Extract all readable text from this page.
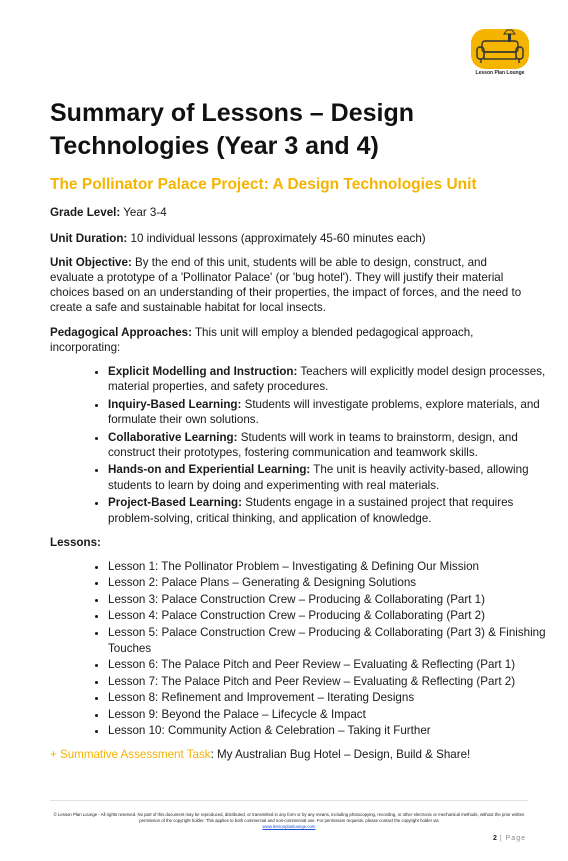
Lesson Plan Lounge
Summary of Lessons – Design Technologies (Year 3 and 4)
The Pollinator Palace Project: A Design Technologies Unit

Grade Level: Year 3-4

Unit Duration: 10 individual lessons (approximately 45-60 minutes each)

Unit Objective: By the end of this unit, students will be able to design, construct, and evaluate a prototype of a 'Pollinator Palace' (or 'bug hotel'). They will justify their material choices based on an understanding of their properties, the impact of forces, and the need to create a safe and sustainable habitat for local insects.

Pedagogical Approaches: This unit will employ a blended pedagogical approach, incorporating:

• Explicit Modelling and Instruction: Teachers will explicitly model design processes, material properties, and safety procedures.
• Inquiry-Based Learning: Students will investigate problems, explore materials, and formulate their own solutions.
• Collaborative Learning: Students will work in teams to brainstorm, design, and construct their prototypes, fostering communication and teamwork skills.
• Hands-on and Experiential Learning: The unit is heavily activity-based, allowing students to learn by doing and experimenting with real materials.
• Project-Based Learning: Students engage in a sustained project that requires problem-solving, critical thinking, and application of knowledge.

Lessons:

• Lesson 1: The Pollinator Problem – Investigating & Defining Our Mission
• Lesson 2: Palace Plans – Generating & Designing Solutions
• Lesson 3: Palace Construction Crew – Producing & Collaborating (Part 1)
• Lesson 4: Palace Construction Crew – Producing & Collaborating (Part 2)
• Lesson 5: Palace Construction Crew – Producing & Collaborating (Part 3) & Finishing Touches
• Lesson 6: The Palace Pitch and Peer Review – Evaluating & Reflecting (Part 1)
• Lesson 7: The Palace Pitch and Peer Review – Evaluating & Reflecting (Part 2)
• Lesson 8: Refinement and Improvement – Iterating Designs
• Lesson 9: Beyond the Palace – Lifecycle & Impact
• Lesson 10: Community Action & Celebration – Taking it Further

+ Summative Assessment Task: My Australian Bug Hotel – Design, Build & Share!

© Lesson Plan Lounge - All rights reserved. No part of this document may be reproduced, distributed, or transmitted in any form or by any means, including photocopying, recording, or other electronic or mechanical methods, without the prior written permission of the copyright holder. This applies to both commercial and non-commercial use. For permission requests, please contact the copyright holder via
www.lessonplanlounge.com

2 | Page
